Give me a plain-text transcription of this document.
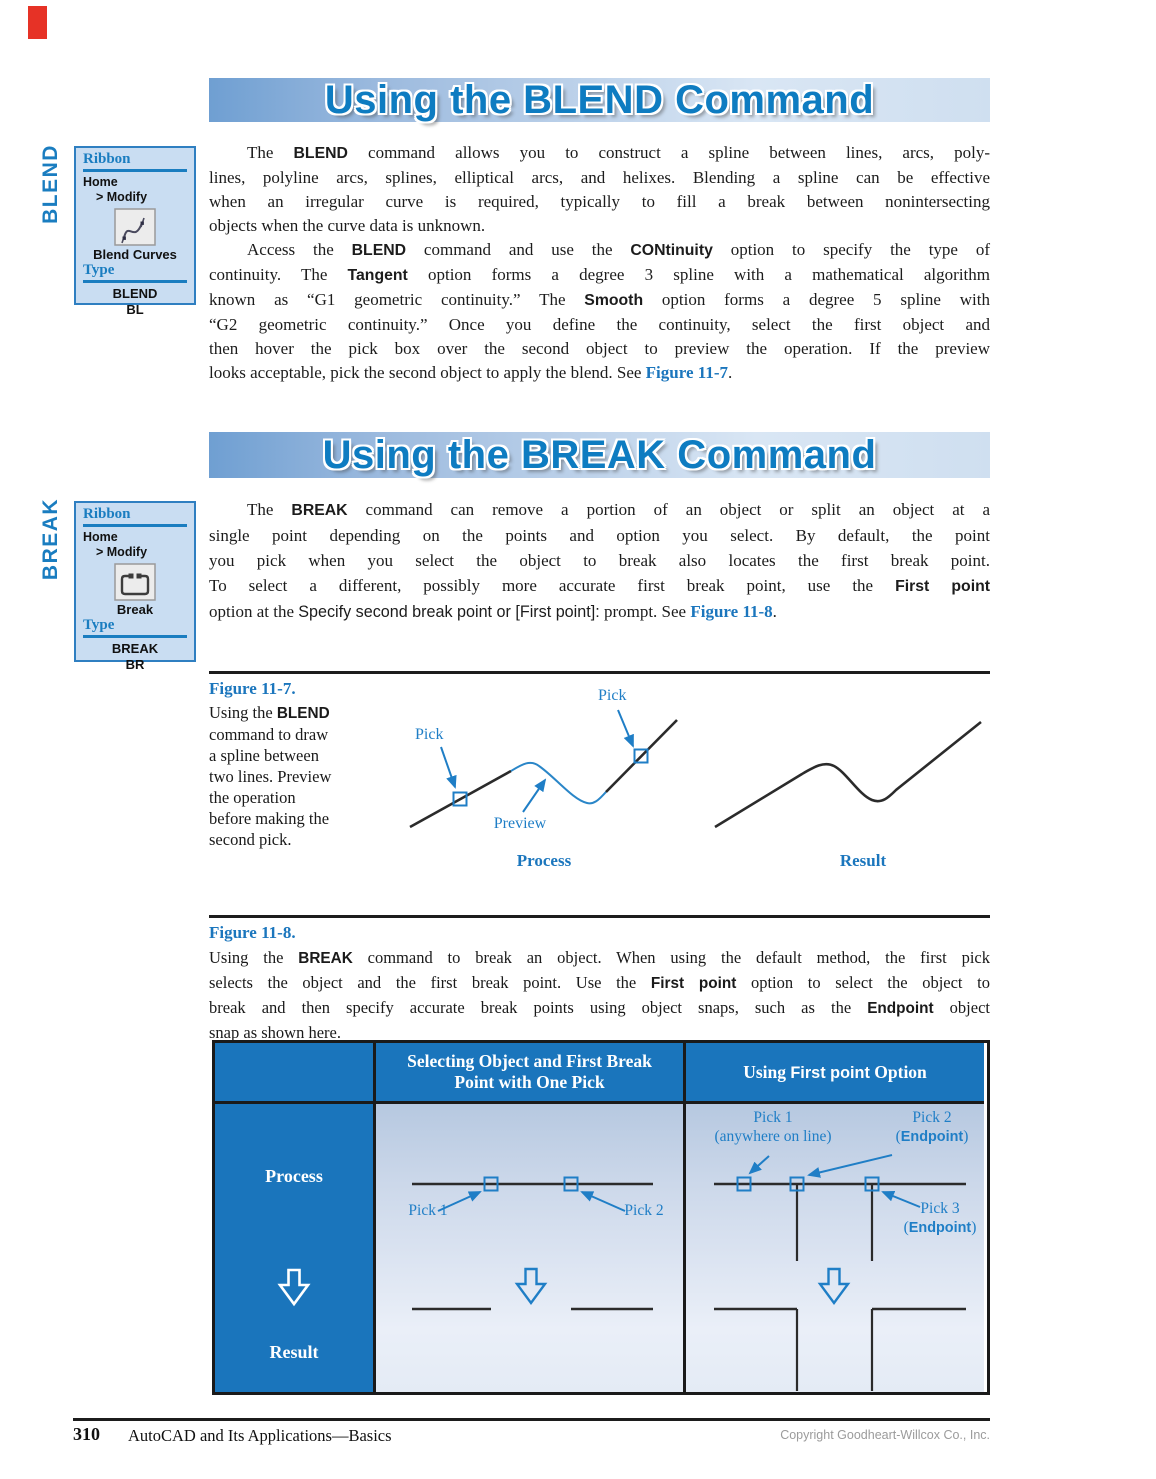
Using the BLEND Command
BLEND Ribbon
Home
> Modify
Blend Curves
Type
BLEND
BL
The BLEND command allows you to construct a spline between lines, arcs, poly-
lines, polyline arcs, splines, elliptical arcs, and helixes. Blending a spline can be effective
when an irregular curve is required, typically to fill a break between nonintersecting
objects when the curve data is unknown.
Access the BLEND command and use the CONtinuity option to specify the type of
continuity. The Tangent option forms a degree 3 spline with a mathematical algorithm
known as “G1 geometric continuity.” The Smooth option forms a degree 5 spline with
“G2 geometric continuity.” Once you define the continuity, select the first object and
then hover the pick box over the second object to preview the operation. If the preview
looks acceptable, pick the second object to apply the blend. See Figure 11-7.
Using the BREAK Command
BREAK Ribbon
Home
> Modify
Break
Type
BREAK
BR
The BREAK command can remove a portion of an object or split an object at a
single point depending on the points and option you select. By default, the point
you pick when you select the object to break also locates the first break point.
To select a different, possibly more accurate first break point, use the First point
option at the Specify second break point or [First point]: prompt. See Figure 11-8.
Figure 11-7.
Using the BLEND
command to draw
a spline between
two lines. Preview
the operation
before making the
second pick.
Pick
Pick
Preview
Process	Result
Figure 11-8.
Using the BREAK command to break an object. When using the default method, the first pick
selects the object and the first break point. Use the First point option to select the object to
break and then specify accurate break points using object snaps, such as the Endpoint object
snap as shown here.
Selecting Object and First Break
Point with One Pick
Using First point Option
Process
Result
Pick 1	Pick 2
Pick 1
(anywhere on line)
Pick 2
(Endpoint)
Pick 3
(Endpoint)
310 AutoCAD and Its Applications—Basics	Copyright Goodheart-Willcox Co., Inc.
